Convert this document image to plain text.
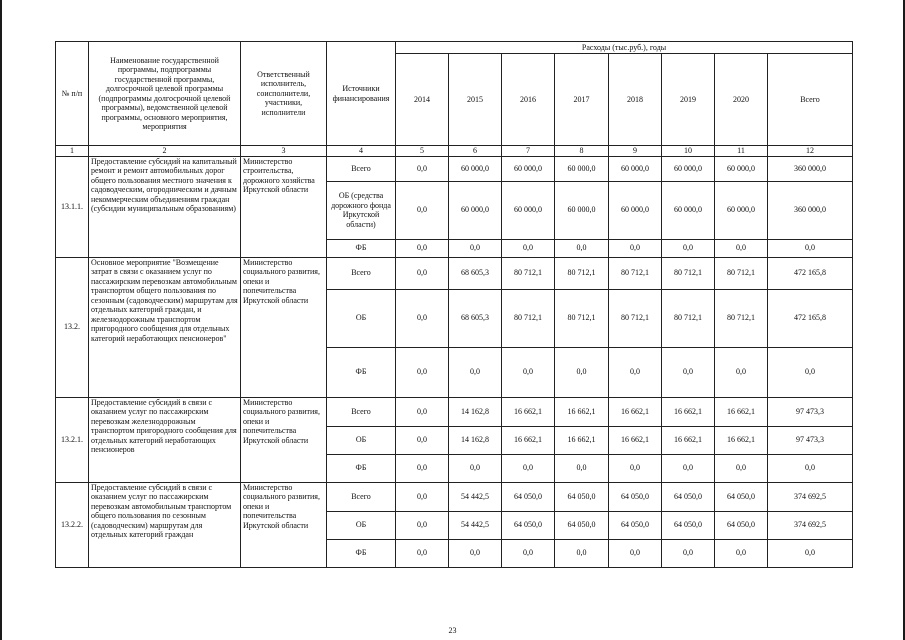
№ п/п	Наименование государственной программы, подпрограммы государственной программы, долгосрочной целевой программы (подпрограммы долгосрочной целевой программы), ведомственной целевой программы, основного мероприятия, мероприятия	Ответственный исполнитель, соисполнители, участники, исполнители	Источники финансирования	Расходы (тыс.руб.), годы							
				2014	2015	2016	2017	2018	2019	2020	Всего
1	2	3	4	5	6	7	8	9	10	11	12
13.1.1.	Предоставление субсидий на капитальный ремонт и ремонт автомобильных дорог общего пользования местного значения к садоводческим, огородническим и дачным некоммерческим объединениям граждан (субсидии муниципальным образованиям)	Министерство строительства, дорожного хозяйства Иркутской области	Всего	0,0	60 000,0	60 000,0	60 000,0	60 000,0	60 000,0	60 000,0	360 000,0
			ОБ (средства дорожного фонда Иркутской области)	0,0	60 000,0	60 000,0	60 000,0	60 000,0	60 000,0	60 000,0	360 000,0
			ФБ	0,0	0,0	0,0	0,0	0,0	0,0	0,0	0,0
13.2.	Основное мероприятие "Возмещение затрат в связи с оказанием услуг по пассажирским перевозкам автомобильным транспортом общего пользования по сезонным (садоводческим) маршрутам для отдельных категорий граждан, и железнодорожным транспортом пригородного сообщения для отдельных категорий неработающих пенсионеров"	Министерство социального развития, опеки и попечительства Иркутской области	Всего	0,0	68 605,3	80 712,1	80 712,1	80 712,1	80 712,1	80 712,1	472 165,8
			ОБ	0,0	68 605,3	80 712,1	80 712,1	80 712,1	80 712,1	80 712,1	472 165,8
			ФБ	0,0	0,0	0,0	0,0	0,0	0,0	0,0	0,0
13.2.1.	Предоставление субсидий в связи с оказанием услуг по пассажирским перевозкам железнодорожным транспортом пригородного сообщения для отдельных категорий неработающих пенсионеров	Министерство социального развития, опеки и попечительства Иркутской области	Всего	0,0	14 162,8	16 662,1	16 662,1	16 662,1	16 662,1	16 662,1	97 473,3
			ОБ	0,0	14 162,8	16 662,1	16 662,1	16 662,1	16 662,1	16 662,1	97 473,3
			ФБ	0,0	0,0	0,0	0,0	0,0	0,0	0,0	0,0
13.2.2.	Предоставление субсидий в связи с оказанием услуг по пассажирским перевозкам автомобильным транспортом общего пользования по сезонным (садоводческим) маршрутам для отдельных категорий граждан	Министерство социального развития, опеки и попечительства Иркутской области	Всего	0,0	54 442,5	64 050,0	64 050,0	64 050,0	64 050,0	64 050,0	374 692,5
			ОБ	0,0	54 442,5	64 050,0	64 050,0	64 050,0	64 050,0	64 050,0	374 692,5
			ФБ	0,0	0,0	0,0	0,0	0,0	0,0	0,0	0,0
23
